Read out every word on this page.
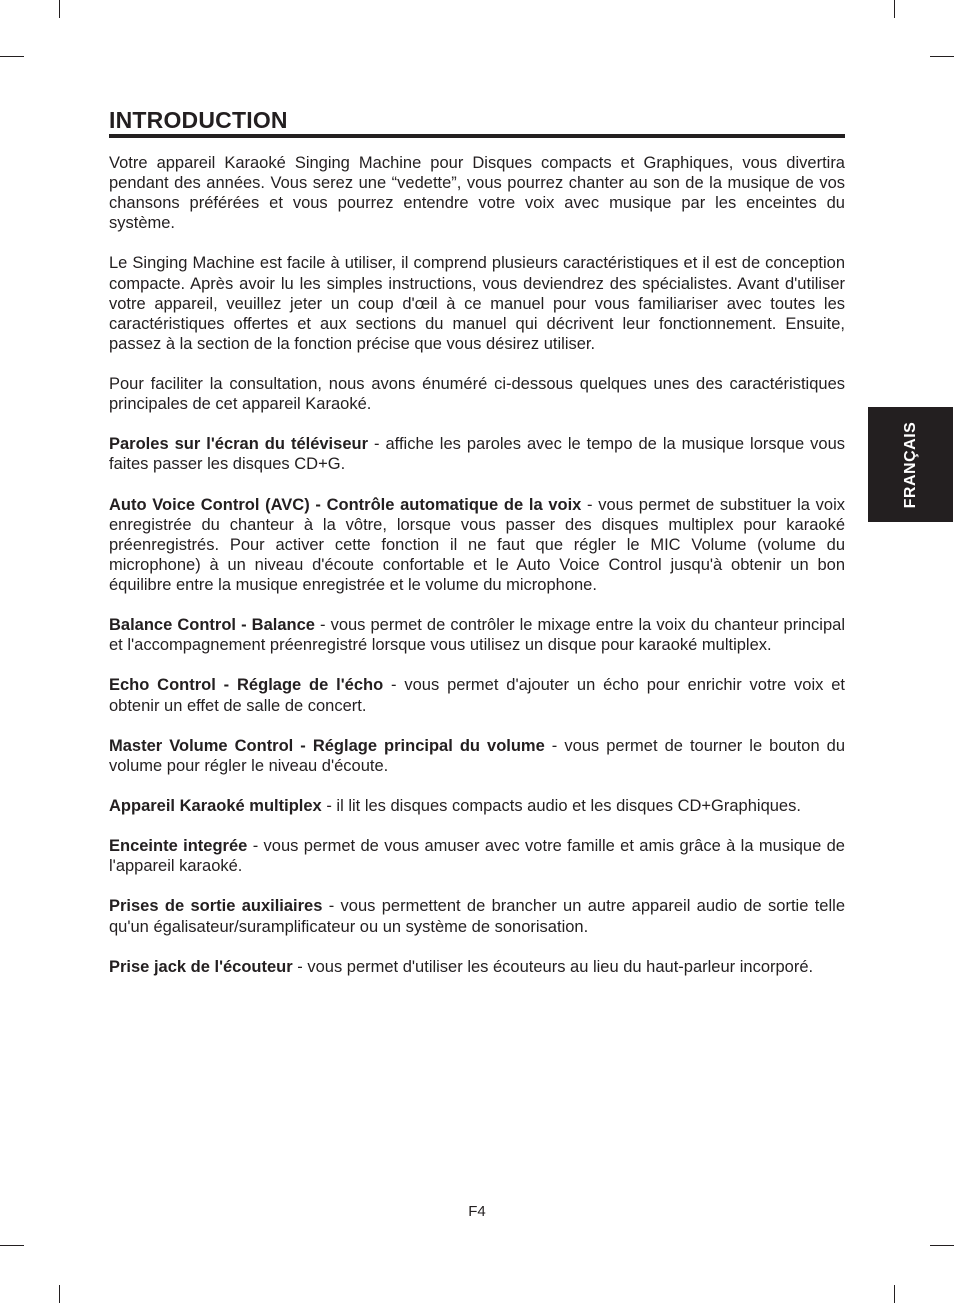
INTRODUCTION

Votre appareil Karaoké Singing Machine pour Disques compacts et Graphiques, vous divertira pendant des années. Vous serez une “vedette”, vous pourrez chanter au son de la musique de vos chansons préférées et vous pourrez entendre votre voix avec musique par les enceintes du système.

Le Singing Machine est facile à utiliser, il comprend plusieurs caractéristiques et il est de conception compacte. Après avoir lu les simples instructions, vous deviendrez des spécialistes. Avant d'utiliser votre appareil, veuillez jeter un coup d'œil à ce manuel pour vous familiariser avec toutes les caractéristiques offertes et aux sections du manuel qui décrivent leur fonctionnement. Ensuite, passez à la section de la fonction précise que vous désirez utiliser.

Pour faciliter la consultation, nous avons énuméré ci-dessous quelques unes des caractéristiques principales de cet appareil Karaoké.

Paroles sur l'écran du téléviseur - affiche les paroles avec le tempo de la musique lorsque vous faites passer les disques CD+G.

Auto Voice Control (AVC) - Contrôle automatique de la voix - vous permet de substituer la voix enregistrée du chanteur à la vôtre, lorsque vous passer des disques multiplex pour karaoké préenregistrés. Pour activer cette fonction il ne faut que régler le MIC Volume (volume du microphone) à un niveau d'écoute confortable et le Auto Voice Control jusqu'à obtenir un bon équilibre entre la musique enregistrée et le volume du microphone.

Balance Control - Balance - vous permet de contrôler le mixage entre la voix du chanteur principal et l'accompagnement préenregistré lorsque vous utilisez un disque pour karaoké multiplex.

Echo Control - Réglage de l'écho - vous permet d'ajouter un écho pour enrichir votre voix et obtenir un effet de salle de concert.

Master Volume Control - Réglage principal du volume - vous permet de tourner le bouton du volume pour régler le niveau d'écoute.

Appareil Karaoké multiplex - il lit les disques compacts audio et les disques CD+Graphiques.

Enceinte integrée - vous permet de vous amuser avec votre famille et amis grâce à la musique de l'appareil karaoké.

Prises de sortie auxiliaires - vous permettent de brancher un autre appareil audio de sortie telle qu'un égalisateur/suramplificateur ou un système de sonorisation.

Prise jack de l'écouteur - vous permet d'utiliser les écouteurs au lieu du haut-parleur incorporé.

FRANÇAIS
F4
